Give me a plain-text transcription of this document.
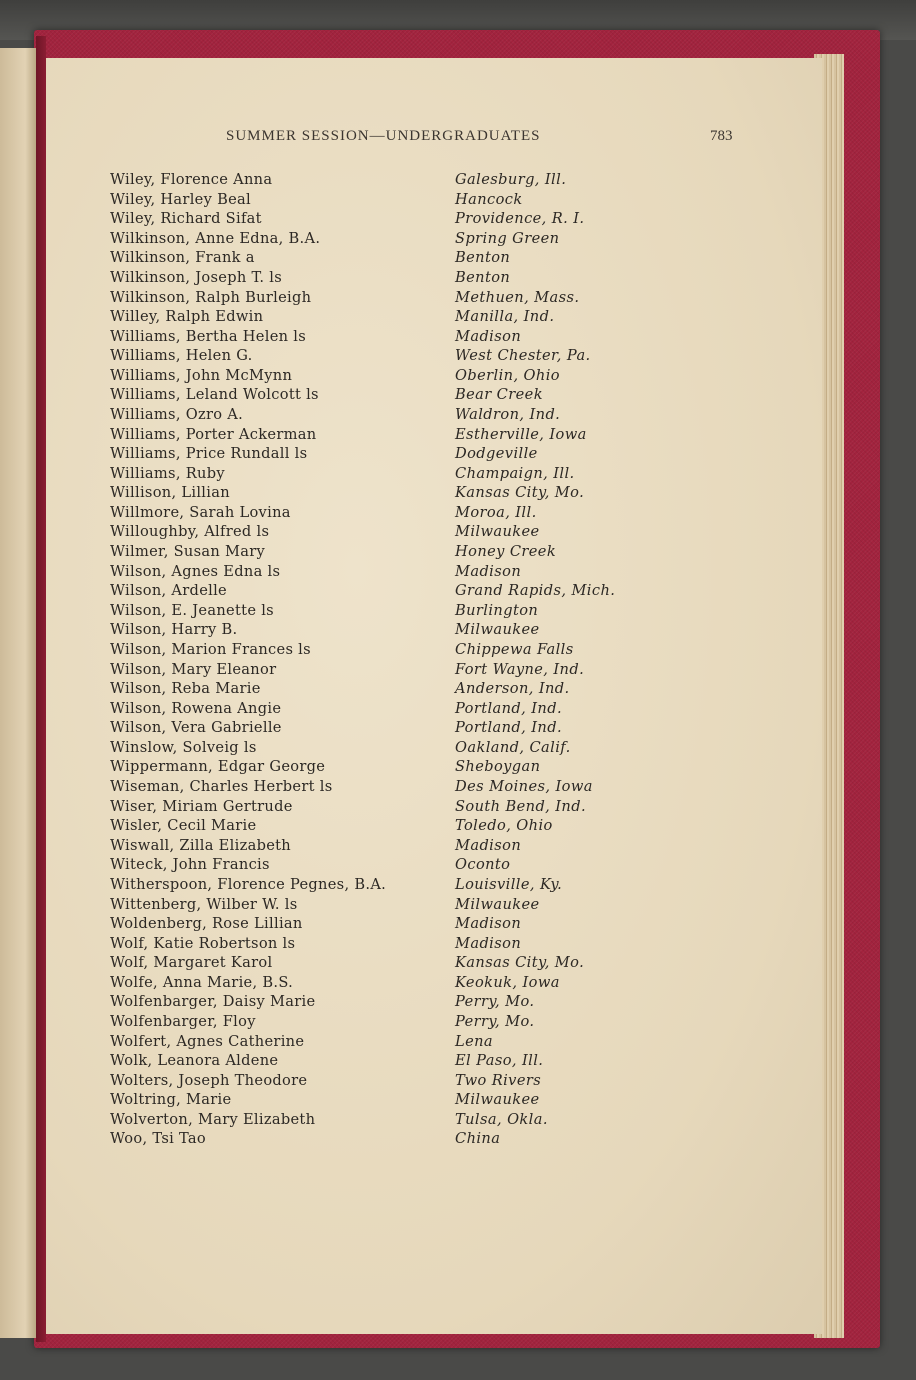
SUMMER SESSION—UNDERGRADUATES	783
Wiley, Florence Anna	Galesburg, Ill.
Wiley, Harley Beal	Hancock
Wiley, Richard Sifat	Providence, R. I.
Wilkinson, Anne Edna, B.A.	Spring Green
Wilkinson, Frank a	Benton
Wilkinson, Joseph T. ls	Benton
Wilkinson, Ralph Burleigh	Methuen, Mass.
Willey, Ralph Edwin	Manilla, Ind.
Williams, Bertha Helen ls	Madison
Williams, Helen G.	West Chester, Pa.
Williams, John McMynn	Oberlin, Ohio
Williams, Leland Wolcott ls	Bear Creek
Williams, Ozro A.	Waldron, Ind.
Williams, Porter Ackerman	Estherville, Iowa
Williams, Price Rundall ls	Dodgeville
Williams, Ruby	Champaign, Ill.
Willison, Lillian	Kansas City, Mo.
Willmore, Sarah Lovina	Moroa, Ill.
Willoughby, Alfred ls	Milwaukee
Wilmer, Susan Mary	Honey Creek
Wilson, Agnes Edna ls	Madison
Wilson, Ardelle	Grand Rapids, Mich.
Wilson, E. Jeanette ls	Burlington
Wilson, Harry B.	Milwaukee
Wilson, Marion Frances ls	Chippewa Falls
Wilson, Mary Eleanor	Fort Wayne, Ind.
Wilson, Reba Marie	Anderson, Ind.
Wilson, Rowena Angie	Portland, Ind.
Wilson, Vera Gabrielle	Portland, Ind.
Winslow, Solveig ls	Oakland, Calif.
Wippermann, Edgar George	Sheboygan
Wiseman, Charles Herbert ls	Des Moines, Iowa
Wiser, Miriam Gertrude	South Bend, Ind.
Wisler, Cecil Marie	Toledo, Ohio
Wiswall, Zilla Elizabeth	Madison
Witeck, John Francis	Oconto
Witherspoon, Florence Pegnes, B.A.	Louisville, Ky.
Wittenberg, Wilber W. ls	Milwaukee
Woldenberg, Rose Lillian	Madison
Wolf, Katie Robertson ls	Madison
Wolf, Margaret Karol	Kansas City, Mo.
Wolfe, Anna Marie, B.S.	Keokuk, Iowa
Wolfenbarger, Daisy Marie	Perry, Mo.
Wolfenbarger, Floy	Perry, Mo.
Wolfert, Agnes Catherine	Lena
Wolk, Leanora Aldene	El Paso, Ill.
Wolters, Joseph Theodore	Two Rivers
Woltring, Marie	Milwaukee
Wolverton, Mary Elizabeth	Tulsa, Okla.
Woo, Tsi Tao	China
